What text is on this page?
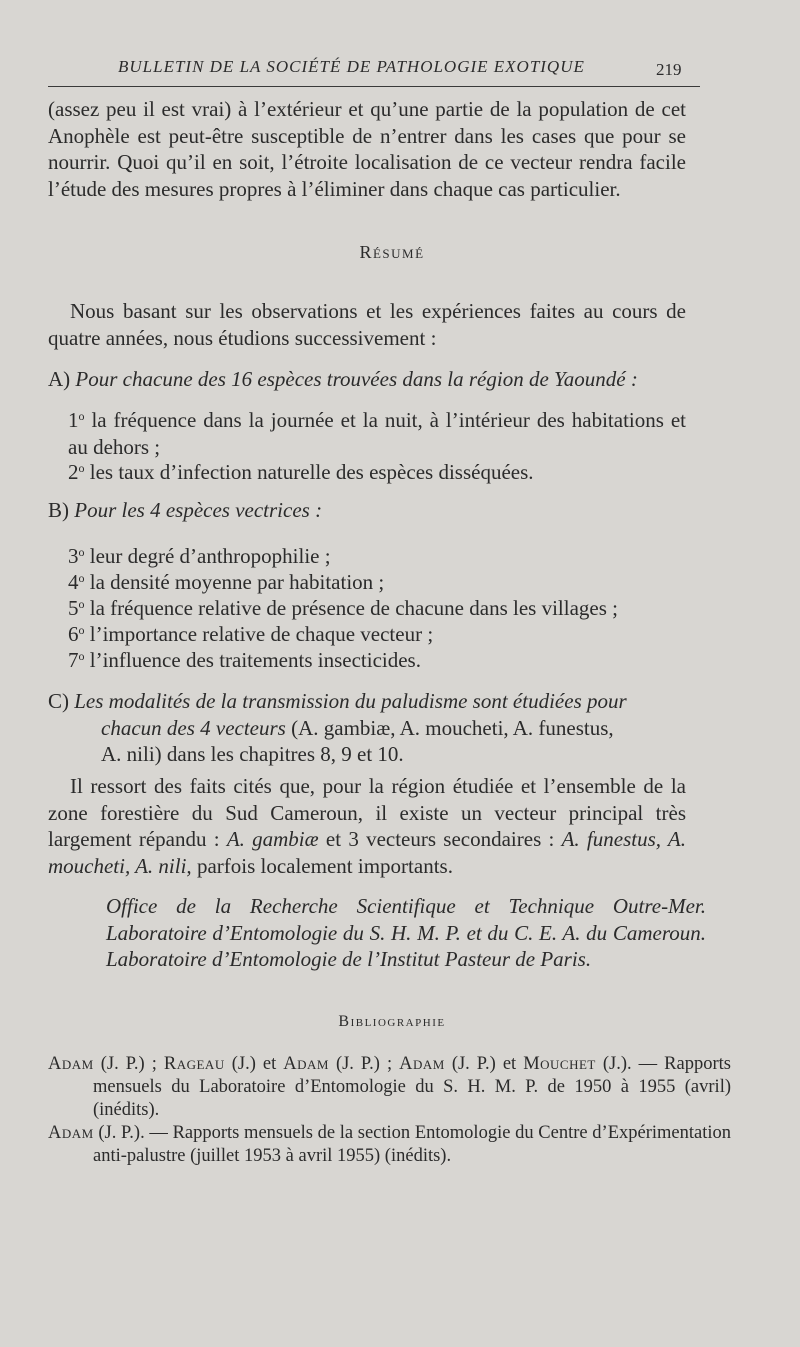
BULLETIN DE LA SOCIÉTÉ DE PATHOLOGIE EXOTIQUE	219

(assez peu il est vrai) à l’extérieur et qu’une partie de la population de cet Anophèle est peut-être susceptible de n’entrer dans les cases que pour se nourrir. Quoi qu’il en soit, l’étroite localisation de ce vecteur rendra facile l’étude des mesures propres à l’éliminer dans chaque cas particulier.

Résumé

Nous basant sur les observations et les expériences faites au cours de quatre années, nous étudions successivement :

A) Pour chacune des 16 espèces trouvées dans la région de Yaoundé :

1$^o$ la fréquence dans la journée et la nuit, à l’intérieur des habitations et au dehors ;

2$^o$ les taux d’infection naturelle des espèces disséquées.

B) Pour les 4 espèces vectrices :

3$^o$ leur degré d’anthropophilie ;

4$^o$ la densité moyenne par habitation ;

5$^o$ la fréquence relative de présence de chacune dans les villages ;

6$^o$ l’importance relative de chaque vecteur ;

7$^o$ l’influence des traitements insecticides.

C) Les modalités de la transmission du paludisme sont étudiées pour
chacun des 4 vecteurs (A. gambiæ, A. moucheti, A. funestus,
A. nili) dans les chapitres 8, 9 et 10.

Il ressort des faits cités que, pour la région étudiée et l’ensemble de la zone forestière du Sud Cameroun, il existe un vecteur principal très largement répandu : A. gambiæ et 3 vecteurs secondaires : A. funestus, A. moucheti, A. nili, parfois localement importants.

Office de la Recherche Scientifique et Technique Outre-Mer. Laboratoire d’Entomologie du S. H. M. P. et du C. E. A. du Cameroun. Laboratoire d’Entomologie de l’Institut Pasteur de Paris.

Bibliographie

Adam (J. P.) ; Rageau (J.) et Adam (J. P.) ; Adam (J. P.) et Mouchet (J.). — Rapports mensuels du Laboratoire d’Entomologie du S. H. M. P. de 1950 à 1955 (avril) (inédits).

Adam (J. P.). — Rapports mensuels de la section Entomologie du Centre d’Expérimentation anti-palustre (juillet 1953 à avril 1955) (inédits).
